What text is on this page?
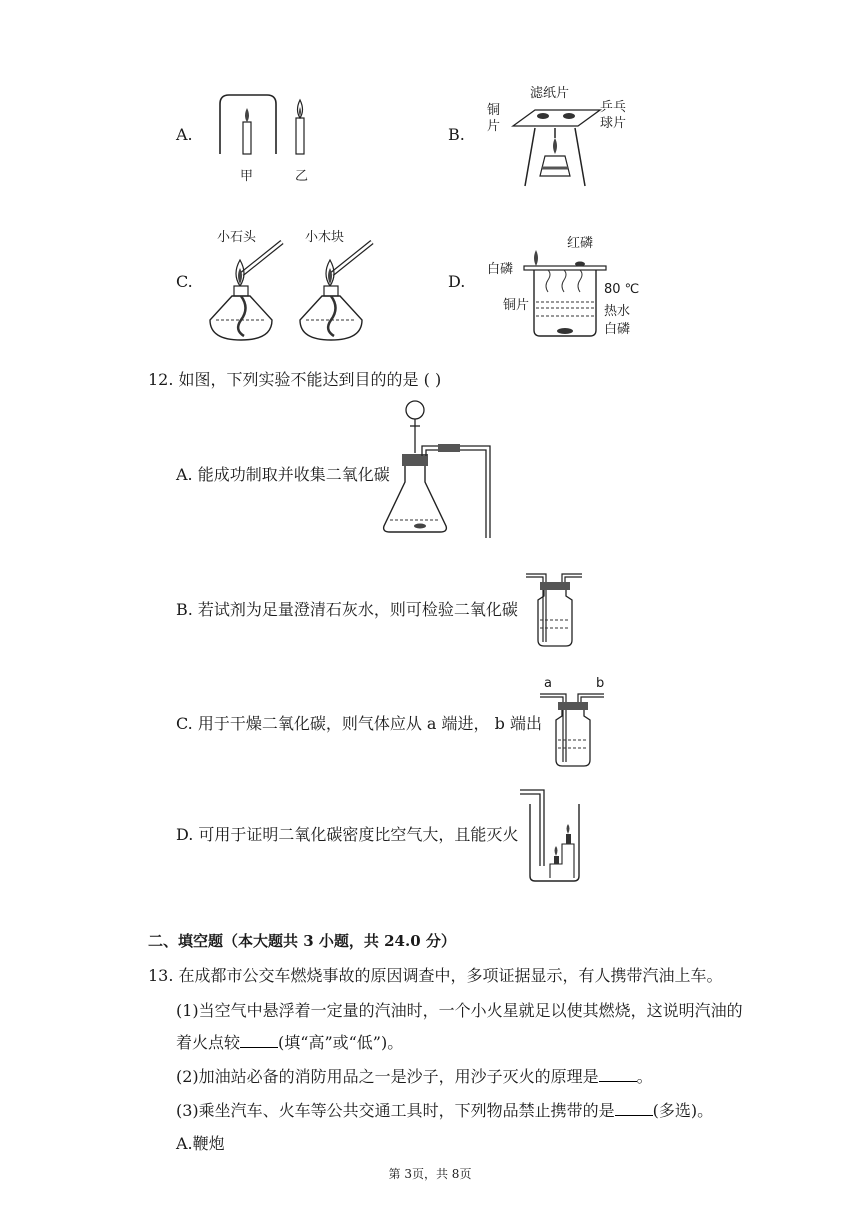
A.
甲	乙
B.
滤纸片
铜
片
乒乓
球片
C.
小石头	小木块
D.
红磷
白磷
铜片
80 ℃
热水
白磷
12. 如图，下列实验不能达到目的的是 ( )
A. 能成功制取并收集二氧化碳
B. 若试剂为足量澄清石灰水，则可检验二氧化碳
C. 用于干燥二氧化碳，则气体应从 a 端进， b 端出
a	b
D. 可用于证明二氧化碳密度比空气大，且能灭火
二、填空题（本大题共 3 小题，共 24.0 分）
13. 在成都市公交车燃烧事故的原因调查中，多项证据显示，有人携带汽油上车。
(1)当空气中悬浮着一定量的汽油时，一个小火星就足以使其燃烧，这说明汽油的
着火点较 (填“高”或“低”)。
(2)加油站必备的消防用品之一是沙子，用沙子灭火的原理是 。
(3)乘坐汽车、火车等公共交通工具时，下列物品禁止携带的是 (多选)。
A.鞭炮
第 3页，共 8页
